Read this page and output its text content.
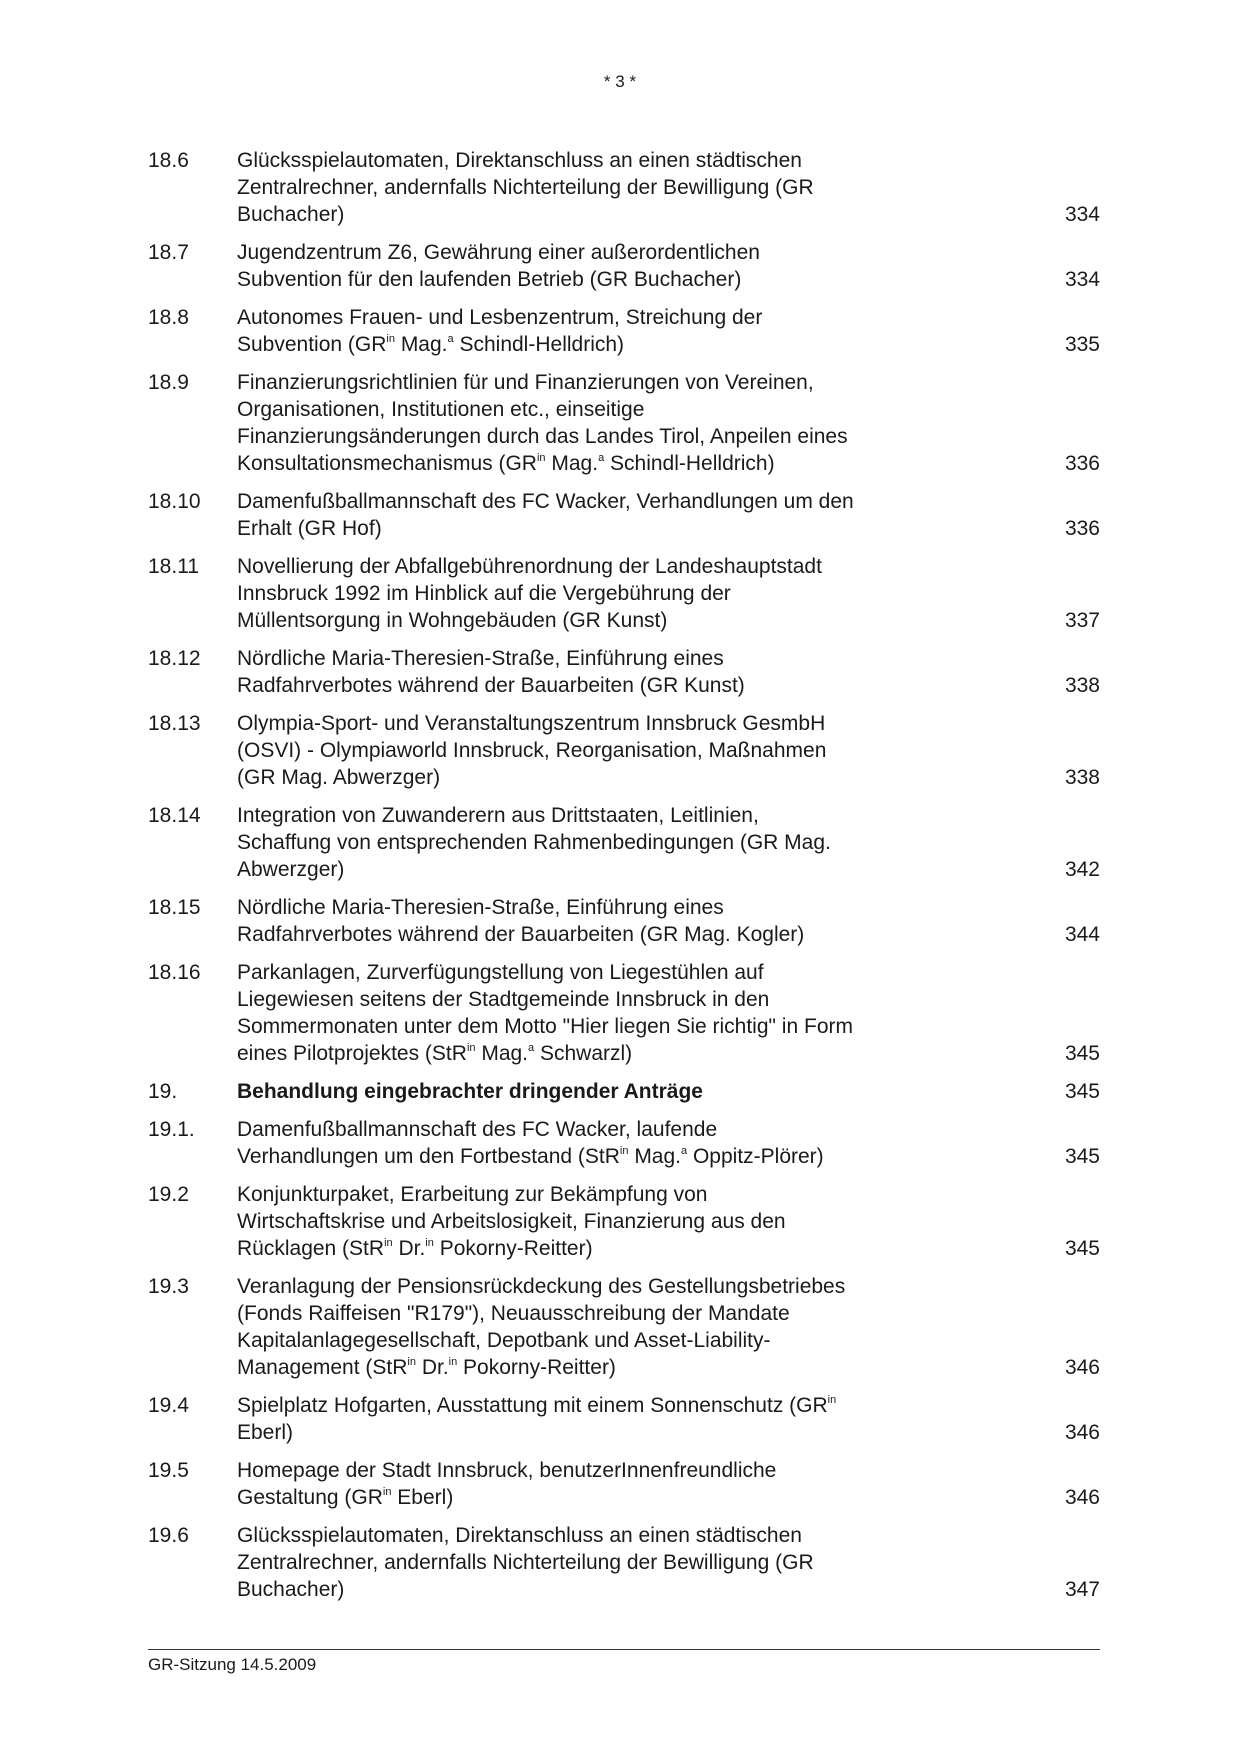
* 3 *
18.6	Glücksspielautomaten, Direktanschluss an einen städtischen
Zentralrechner, andernfalls Nichterteilung der Bewilligung (GR
Buchacher)	334
18.7	Jugendzentrum Z6, Gewährung einer außerordentlichen
Subvention für den laufenden Betrieb (GR Buchacher)	334
18.8	Autonomes Frauen- und Lesbenzentrum, Streichung der
Subvention ($GR^{in}$ Mag.$^a$ Schindl-Helldrich)	335
18.9	Finanzierungsrichtlinien für und Finanzierungen von Vereinen,
Organisationen, Institutionen etc., einseitige
Finanzierungsänderungen durch das Landes Tirol, Anpeilen eines
Konsultationsmechanismus ($GR^{in}$ Mag.$^a$ Schindl-Helldrich)	336
18.10	Damenfußballmannschaft des FC Wacker, Verhandlungen um den
Erhalt (GR Hof)	336
18.11	Novellierung der Abfallgebührenordnung der Landeshauptstadt
Innsbruck 1992 im Hinblick auf die Vergebührung der
Müllentsorgung in Wohngebäuden (GR Kunst)	337
18.12	Nördliche Maria-Theresien-Straße, Einführung eines
Radfahrverbotes während der Bauarbeiten (GR Kunst)	338
18.13	Olympia-Sport- und Veranstaltungszentrum Innsbruck GesmbH
(OSVI) - Olympiaworld Innsbruck, Reorganisation, Maßnahmen
(GR Mag. Abwerzger)	338
18.14	Integration von Zuwanderern aus Drittstaaten, Leitlinien,
Schaffung von entsprechenden Rahmenbedingungen (GR Mag.
Abwerzger)	342
18.15	Nördliche Maria-Theresien-Straße, Einführung eines
Radfahrverbotes während der Bauarbeiten (GR Mag. Kogler)	344
18.16	Parkanlagen, Zurverfügungstellung von Liegestühlen auf
Liegewiesen seitens der Stadtgemeinde Innsbruck in den
Sommermonaten unter dem Motto "Hier liegen Sie richtig" in Form
eines Pilotprojektes (StR$^{in}$ Mag.$^a$ Schwarzl)	345
19.	Behandlung eingebrachter dringender Anträge	345
19.1.	Damenfußballmannschaft des FC Wacker, laufende
Verhandlungen um den Fortbestand (StR$^{in}$ Mag.$^a$ Oppitz-Plörer)	345
19.2	Konjunkturpaket, Erarbeitung zur Bekämpfung von
Wirtschaftskrise und Arbeitslosigkeit, Finanzierung aus den
Rücklagen (StR$^{in}$ Dr.$^{in}$ Pokorny-Reitter)	345
19.3	Veranlagung der Pensionsrückdeckung des Gestellungsbetriebes
(Fonds Raiffeisen "R179"), Neuausschreibung der Mandate
Kapitalanlagegesellschaft, Depotbank und Asset-Liability-
Management (StR$^{in}$ Dr.$^{in}$ Pokorny-Reitter)	346
19.4	Spielplatz Hofgarten, Ausstattung mit einem Sonnenschutz ($GR^{in}$
Eberl)	346
19.5	Homepage der Stadt Innsbruck, benutzerInnenfreundliche
Gestaltung ($GR^{in}$ Eberl)	346
19.6	Glücksspielautomaten, Direktanschluss an einen städtischen
Zentralrechner, andernfalls Nichterteilung der Bewilligung (GR
Buchacher)	347
GR-Sitzung 14.5.2009
